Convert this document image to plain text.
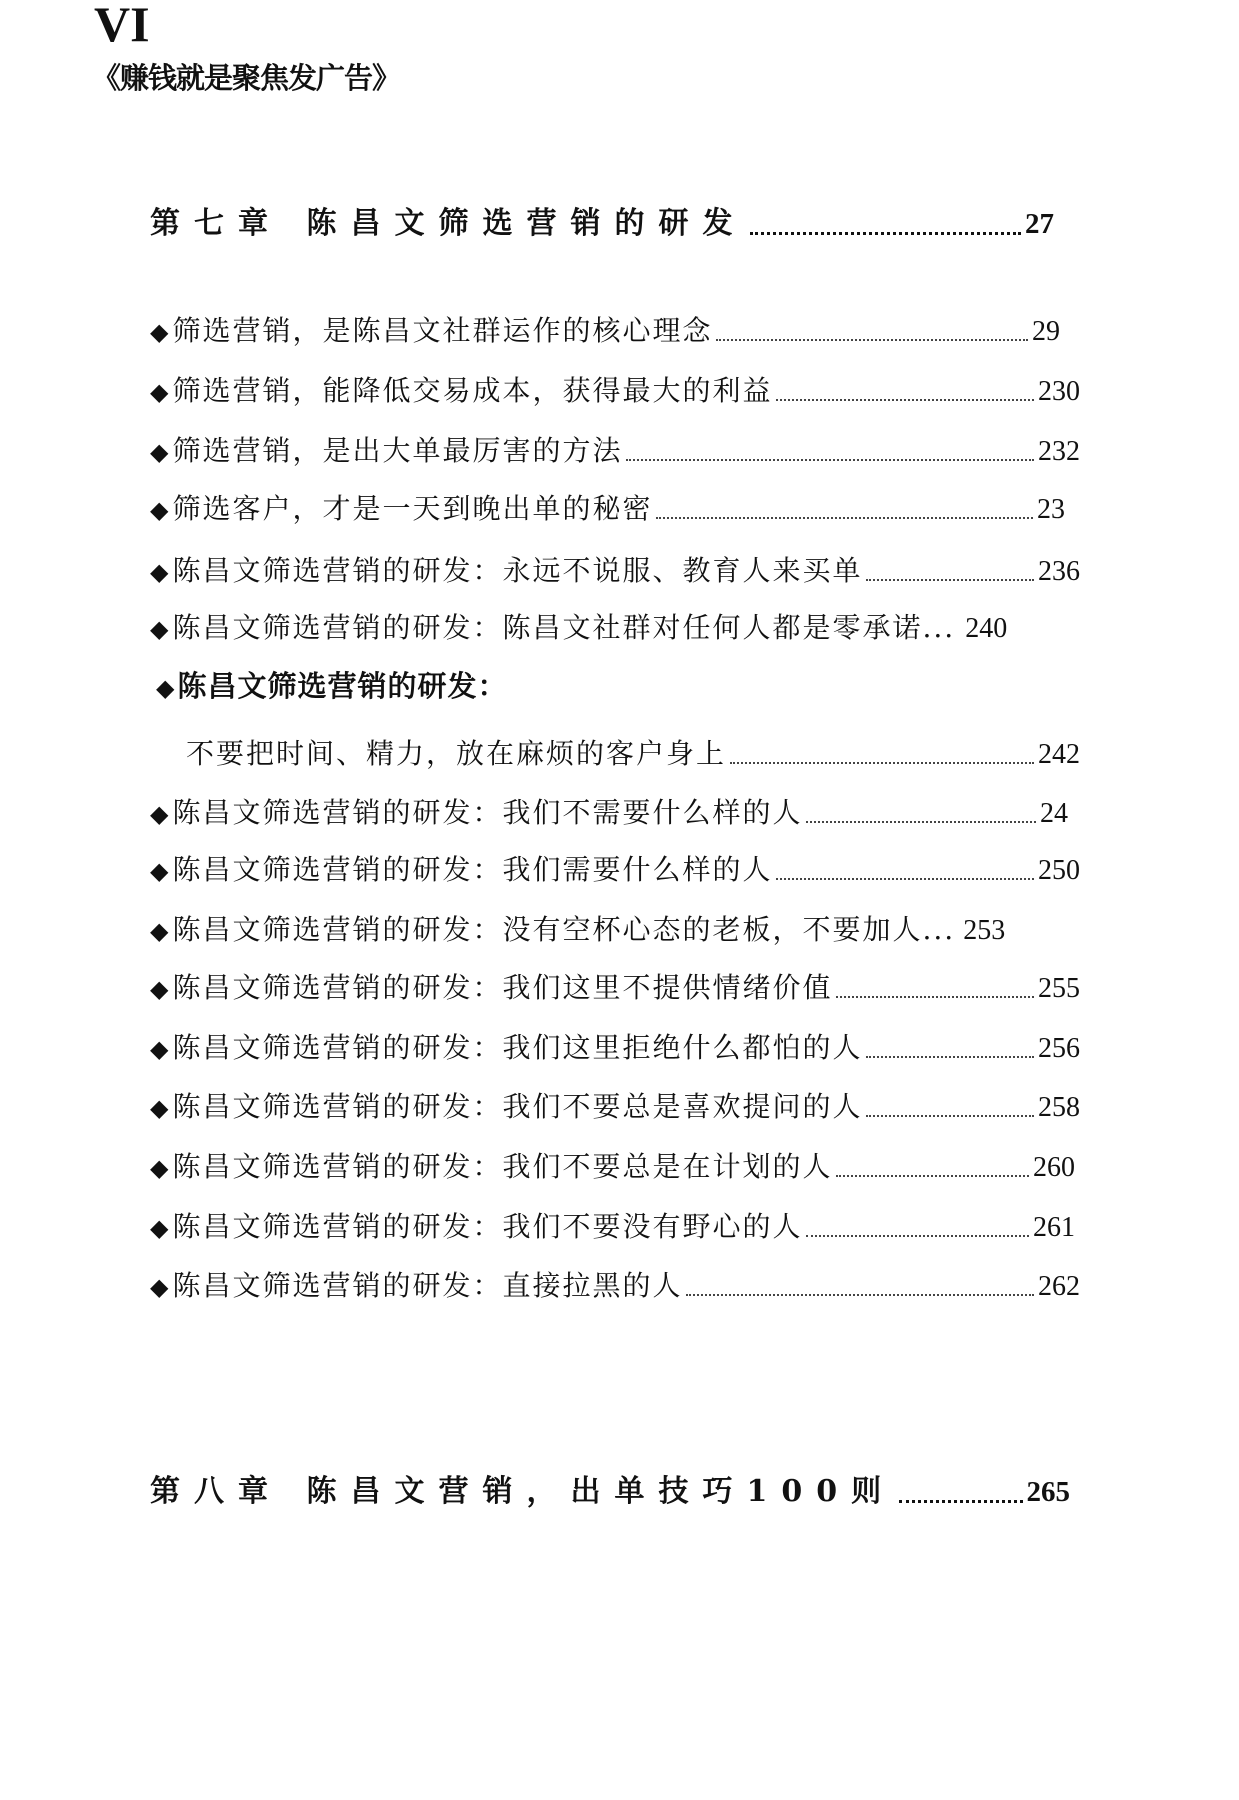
VI
《赚钱就是聚焦发广告》
第七章 陈昌文筛选营销的研发	27
◆ 筛选营销，是陈昌文社群运作的核心理念	29
◆ 筛选营销，能降低交易成本，获得最大的利益	230
◆ 筛选营销，是出大单最厉害的方法	232
◆ 筛选客户，才是一天到晚出单的秘密	23
◆ 陈昌文筛选营销的研发：永远不说服、教育人来买单	236
◆ 陈昌文筛选营销的研发：陈昌文社群对任何人都是零承诺... 240
◆陈昌文筛选营销的研发：
不要把时间、精力，放在麻烦的客户身上	242
◆ 陈昌文筛选营销的研发：我们不需要什么样的人	24
◆ 陈昌文筛选营销的研发：我们需要什么样的人	250
◆ 陈昌文筛选营销的研发：没有空杯心态的老板，不要加人... 253
◆ 陈昌文筛选营销的研发：我们这里不提供情绪价值	255
◆ 陈昌文筛选营销的研发：我们这里拒绝什么都怕的人	256
◆ 陈昌文筛选营销的研发：我们不要总是喜欢提问的人	258
◆ 陈昌文筛选营销的研发：我们不要总是在计划的人	260
◆ 陈昌文筛选营销的研发：我们不要没有野心的人	261
◆ 陈昌文筛选营销的研发：直接拉黑的人	262
第八章 陈昌文营销，出单技巧100则	265
